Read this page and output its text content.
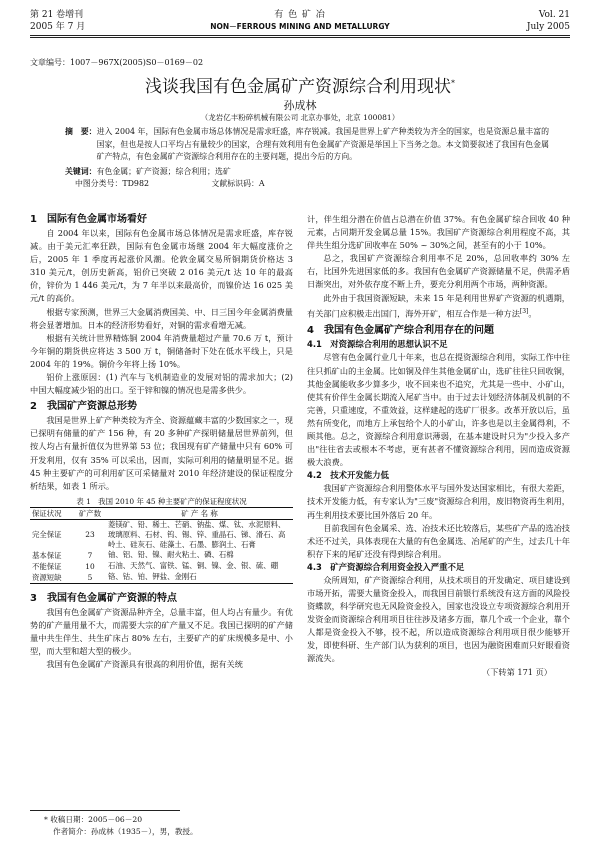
第 21 卷增刊
2005 年 7 月
有 色 矿 冶
NON－FERROUS MINING AND METALLURGY
Vol. 21
July 2005
文章编号：1007－967X(2005)S0－0169－02
浅谈我国有色金属矿产资源综合利用现状*
孙成林
（龙岩亿丰粉碎机械有限公司 北京办事处，北京 100081）
摘　要： 进入 2004 年，国际有色金属市场总体情况是需求旺盛，库存锐减。我国是世界上矿产种类较为齐全的国家，也是资源总量丰富的国家，但也是按人口平均占有量较少的国家，合理有效利用有色金属矿产资源是举国上下当务之急。本文简要叙述了我国有色金属矿产特点，有色金属矿产资源综合利用存在的主要问题，提出今后的方向。
关键词：有色金属；矿产资源；综合利用；选矿
中图分类号：TD982	文献标识码：A
1　国际有色金属市场看好

自 2004 年以来，国际有色金属市场总体情况是需求旺盛，库存锐减。由于美元汇率狂跌，国际有色金属市场继 2004 年大幅度涨价之后，2005 年 1 季度再起涨价风潮。伦敦金属交易所铜期货价格达 3 310 美元/t，创历史新高，铝价已突破 2 016 美元/t 达 10 年的最高价，锌价为 1 446 美元/t，为 7 年半以来最高价，而镍价达 16 025 美元/t 的高价。

根据专家预测，世界三大金属消费国美、中、日三国今年金属消费量将会显著增加。日本的经济形势看好，对铜的需求看增无减。

根据有关统计世界精炼铜 2004 年消费量超过产量 70.6 万 t，预计今年铜的期货供应将达 3 500 万 t，铜储备时下处在低水平线上，只是 2004 年的 19%。铜价今年将上扬 10%。

铝价上涨原因：(1) 汽车与飞机制造业的发展对铝的需求加大；(2) 中国大幅度减少铝的出口。至于锌和镍的情况也是需多供少。

2　我国矿产资源总形势

我国是世界上矿产种类较为齐全、资源蕴藏丰富的少数国家之一，现已探明有储量的矿产 156 种，有 20 多种矿产探明储量居世界前列，但按人均占有量折值仅为世界第 53 位；我国现有矿产储量中只有 60% 可开发利用，仅有 35% 可以采出，因而，实际可利用的储量明显不足。据 45 种主要矿产的可利用矿区可采储量对 2010 年经济建设的保证程度分析结果，如表 1 所示。

表 1　我国 2010 年 45 种主要矿产的保证程度状况
保证状况	矿产数	矿 产 名 称
完全保证	23	菱镁矿、铅、稀土、芒硝、钠盐、煤、钛、水泥原料、玻璃原料、石材、钨、锡、锌、重晶石、锑、滑石、高岭土、硅灰石、硅藻土、石墨、膨润土、石膏
基本保证	7	铀、铝、铅、镍、耐火粘土、磷、石棉
不能保证	10	石油、天然气、富铁、锰、铜、镍、金、银、硫、硼
资源短缺	5	铬、钴、铂、钾盐、金刚石
3　我国有色金属矿产资源的特点

我国有色金属矿产资源品种齐全，总量丰富，但人均占有量少。有优势的矿产量用量不大，而需要大宗的矿产量又不足。我国已探明的矿产储量中共生伴生、共生矿床占 80% 左右，主要矿产的矿床规模多是中、小型，而大型和超大型的极少。

我国有色金属矿产资源具有很高的利用价值，据有关统

计，伴生组分潜在价值占总潜在价值 37%。有色金属矿综合回收 40 种元素，占同期开发金属总量 15%。我国矿产资源综合利用程度不高，其伴共生组分选矿回收率在 50% ~ 30%之间，甚至有的小于 10%。

总之，我国矿产资源综合利用率不足 20%，总回收率约 30% 左右，比国外先进国家低的多。我国有色金属矿产资源储量不足，供需矛盾日渐突出，对外依存度不断上升，要充分利用两个市场，两种资源。

此外由于我国资源短缺，未来 15 年是利用世界矿产资源的机遇期，有关部门应积极走出国门，海外开矿，相互合作是一种方法[3]。

4　我国有色金属矿产综合利用存在的问题
4.1　对资源综合利用的思想认识不足

尽管有色金属行业几十年来，也总在提资源综合利用，实际工作中往往只抓矿山的主金属。比如铜及伴生其他金属矿山，选矿往往只回收铜，其他金属能收多少算多少，收不回来也不追究，尤其是一些中、小矿山，使其有价伴生金属长期流入尾矿当中。由于过去计划经济体制及机制的不完善，只重速度，不重效益，这样建起的选矿厂很多。改革开放以后，虽然有所变化，而地方上承包给个人的小矿山，许多也是以主金属得利，不顾其他。总之，资源综合利用意识薄弱，在基本建设时只为"少投入多产出"往往省去或根本不考虑，更有甚者不懂资源综合利用，因而造成资源极大浪费。

4.2　技术开发能力低

我国矿产资源综合利用整体水平与国外发达国家相比，有很大差距，技术开发能力低，有专家认为"三废"资源综合利用，废旧物资再生利用，再生利用技术要比国外落后 20 年。

目前我国有色金属采、选、冶技术还比较落后，某些矿产品的选冶技术还不过关，具体表现在大量的有色金属选、冶尾矿的产生，过去几十年积存下来的尾矿还没有得到综合利用。

4.3　矿产资源综合利用资金投入严重不足

众所周知，矿产资源综合利用，从技术项目的开发确定、项目建设到市场开拓，需要大量资金投入，而我国目前银行系统没有这方面的风险投资蝶款，科学研究也无风险资金投入，国家也没设立专项资源综合利用开发资金而资源综合利用项目往往涉及诸多方面，靠几个或一个企业，靠个人都是资金投入不够，投不起，所以造成资源综合利用项目很少能够开发，即使科研、生产部门认为获利的项目，也因为融资困难而只好眼看资源流失。

（下转第 171 页）
* 收稿日期：2005－06－20
作者简介：孙成林（1935－），男，教授。
